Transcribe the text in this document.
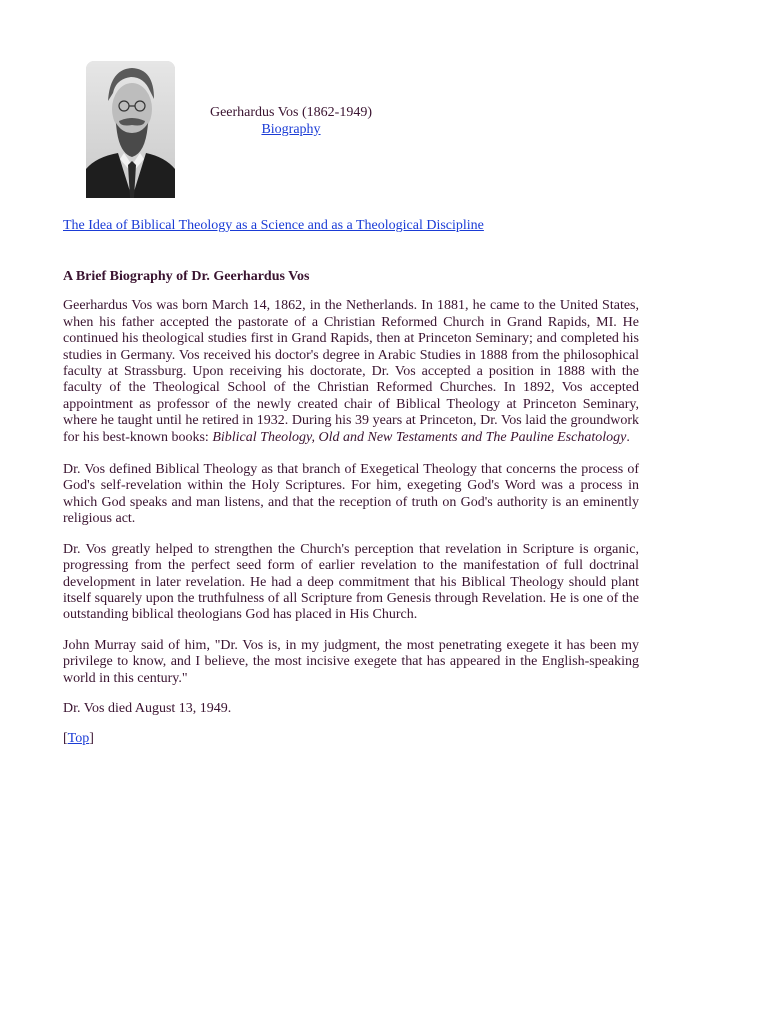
Geerhardus Vos (1862-1949)
Biography
The Idea of Biblical Theology as a Science and as a Theological Discipline
A Brief Biography of Dr. Geerhardus Vos

Geerhardus Vos was born March 14, 1862, in the Netherlands. In 1881, he came to the United States, when his father accepted the pastorate of a Christian Reformed Church in Grand Rapids, MI. He continued his theological studies first in Grand Rapids, then at Princeton Seminary; and completed his studies in Germany. Vos received his doctor's degree in Arabic Studies in 1888 from the philosophical faculty at Strassburg. Upon receiving his doctorate, Dr. Vos accepted a position in 1888 with the faculty of the Theological School of the Christian Reformed Churches. In 1892, Vos accepted appointment as professor of the newly created chair of Biblical Theology at Princeton Seminary, where he taught until he retired in 1932. During his 39 years at Princeton, Dr. Vos laid the groundwork for his best-known books: Biblical Theology, Old and New Testaments and The Pauline Eschatology.

Dr. Vos defined Biblical Theology as that branch of Exegetical Theology that concerns the process of God's self-revelation within the Holy Scriptures. For him, exegeting God's Word was a process in which God speaks and man listens, and that the reception of truth on God's authority is an eminently religious act.

Dr. Vos greatly helped to strengthen the Church's perception that revelation in Scripture is organic, progressing from the perfect seed form of earlier revelation to the manifestation of full doctrinal development in later revelation. He had a deep commitment that his Biblical Theology should plant itself squarely upon the truthfulness of all Scripture from Genesis through Revelation. He is one of the outstanding biblical theologians God has placed in His Church.

John Murray said of him, "Dr. Vos is, in my judgment, the most penetrating exegete it has been my privilege to know, and I believe, the most incisive exegete that has appeared in the English-speaking world in this century."

Dr. Vos died August 13, 1949.

[Top]
